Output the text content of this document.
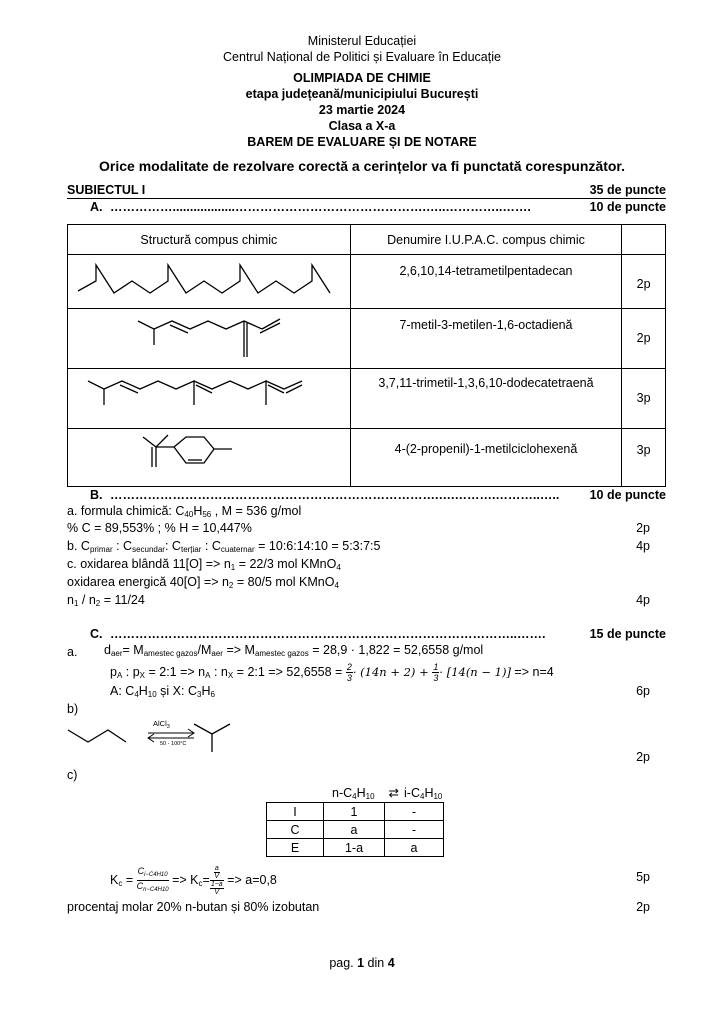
Ministerul Educației
Centrul Național de Politici și Evaluare în Educație
OLIMPIADA DE CHIMIE
etapa județeană/municipiului București
23 martie 2024
Clasa a X-a
BAREM DE EVALUARE ȘI DE NOTARE
Orice modalitate de rezolvare corectă a cerințelor va fi punctată corespunzător.
SUBIECTUL I	35 de puncte
A. ……………..................……………………………………….…..…………..…….	10 de puncte
Structură compus chimic	Denumire I.U.P.A.C. compus chimic	
	2,6,10,14-tetrametilpentadecan	2p
	7-metil-3-metilen-1,6-octadienă	2p
	3,7,11-trimetil-1,3,6,10-dodecatetraenă	3p
	4-(2-propenil)-1-metilciclohexenă	3p
B. …………………………………………………………………….….……….………..…..	10 de puncte
a. formula chimică: $C_{40}H_{56}$ , M = 536 g/mol
% C = 89,553% ; % H = 10,447%	2p
b. $C_{primar}$ : $C_{secundar}$: $C_{terțiar}$ : $C_{cuaternar}$ = 10:6:14:10 = 5:3:7:5	4p
c. oxidarea blândă $11[O] => n_1 = 22/3$ mol KMnO$_4$
oxidarea energică $40[O] => n_2 = 80/5$ mol KMnO$_4$
$n_1 / n_2 = 11/24$	4p
C. ……………………………………………………………………………………..…….	15 de puncte
a. $d_{aer}= M_{amestec gazos}/M_{aer} => M_{amestec gazos} = 28,9 \cdot 1,822 = 52,6558$ g/mol
$p_A$ : $p_X$ = 2:1 => $n_A$ : $n_X$ = 2:1 => $52,6558 = \frac{2}{3} \cdot (14n + 2) + \frac{1}{3} \cdot [14(n - 1)] => n=4$
A: $C_4H_{10}$ și X: $C_3H_6$	6p
b)
AlCl$_3$
50 - 100°C
2p
c)
$n-C_4H_{10}$ ⇄ $i-C_4H_{10}$
I	1	-
C	a	-
E	1-a	a
$K_c = \frac{C_{i-C4H10}}{C_{n-C4H10}} => K_c= \frac{\frac{a}{V}}{\frac{1-a}{V}} => a=0,8$	5p
procentaj molar 20% n-butan și 80% izobutan	2p
pag. 1 din 4
